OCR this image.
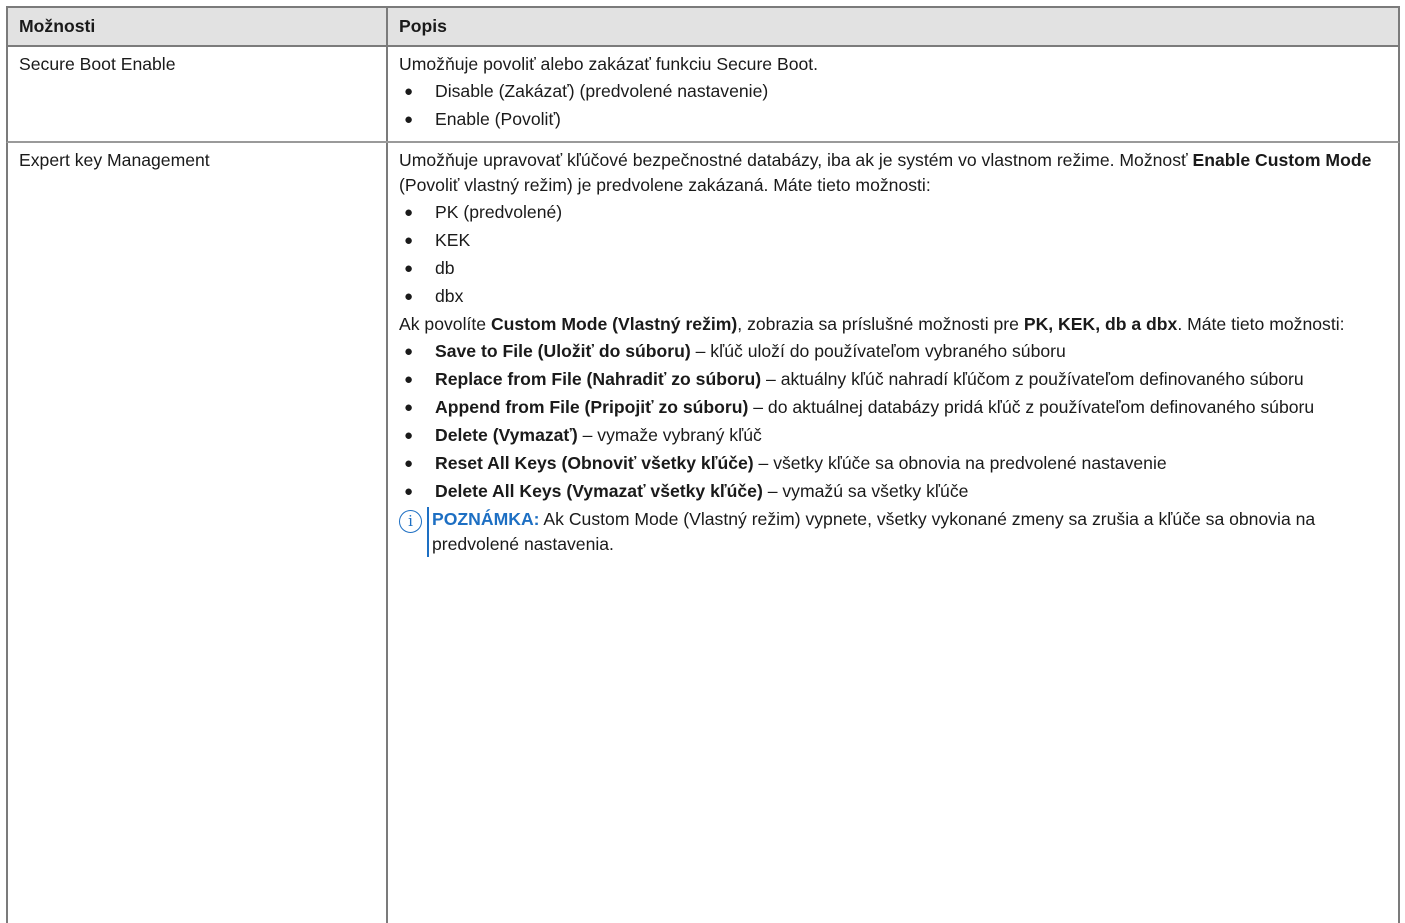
Možnosti	Popis
Secure Boot Enable	Umožňuje povoliť alebo zakázať funkciu Secure Boot.

● Disable (Zakázať) (predvolené nastavenie)
● Enable (Povoliť)
Expert key Management	Umožňuje upravovať kľúčové bezpečnostné databázy, iba ak je systém vo vlastnom režime. Možnosť Enable Custom Mode (Povoliť vlastný režim) je predvolene zakázaná. Máte tieto možnosti:

● PK (predvolené)
● KEK
● db
● dbx

Ak povolíte Custom Mode (Vlastný režim), zobrazia sa príslušné možnosti pre PK, KEK, db a dbx. Máte tieto možnosti:

● Save to File (Uložiť do súboru) – kľúč uloží do používateľom vybraného súboru
● Replace from File (Nahradiť zo súboru) – aktuálny kľúč nahradí kľúčom z používateľom definovaného súboru
● Append from File (Pripojiť zo súboru) – do aktuálnej databázy pridá kľúč z používateľom definovaného súboru
● Delete (Vymazať) – vymaže vybraný kľúč
● Reset All Keys (Obnoviť všetky kľúče) – všetky kľúče sa obnovia na predvolené nastavenie
● Delete All Keys (Vymazať všetky kľúče) – vymažú sa všetky kľúče
i	POZNÁMKA: Ak Custom Mode (Vlastný režim) vypnete, všetky vykonané zmeny sa zrušia a kľúče sa obnovia na predvolené nastavenia.
